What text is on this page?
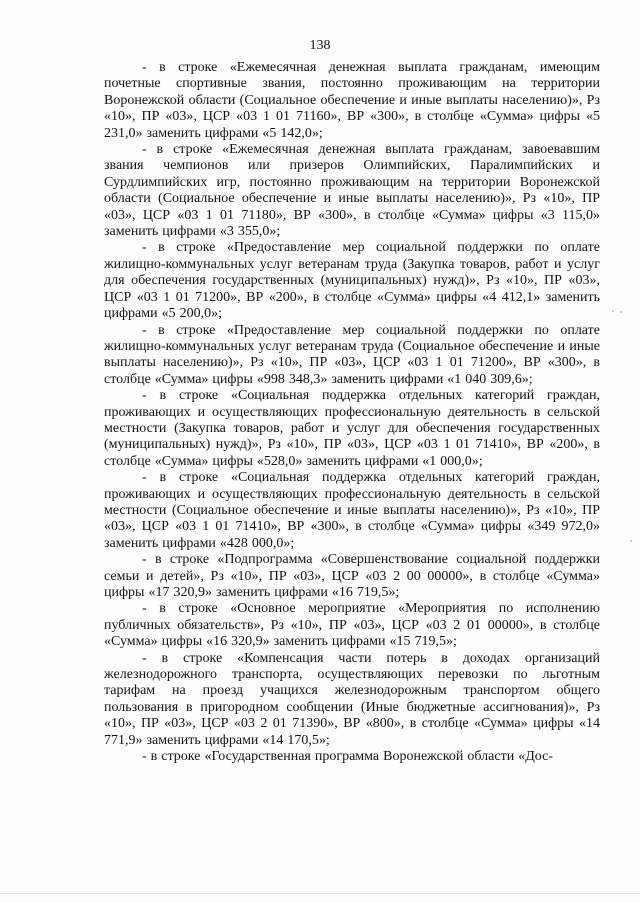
138

- в строке «Ежемесячная денежная выплата гражданам, имеющим почетные спортивные звания, постоянно проживающим на территории Воронежской области (Социальное обеспечение и иные выплаты населению)», Рз «10», ПР «03», ЦСР «03 1 01 71160», ВР «300», в столбце «Сумма» цифры «5 231,0» заменить цифрами «5 142,0»;

- в строке «Ежемесячная денежная выплата гражданам, завоевавшим звания чемпионов или призеров Олимпийских, Паралимпийских и Сурдлимпийских игр, постоянно проживающим на территории Воронежской области (Социальное обеспечение и иные выплаты населению)», Рз «10», ПР «03», ЦСР «03 1 01 71180», ВР «300», в столбце «Сумма» цифры «3 115,0» заменить цифрами «3 355,0»;

- в строке «Предоставление мер социальной поддержки по оплате жилищно-коммунальных услуг ветеранам труда (Закупка товаров, работ и услуг для обеспечения государственных (муниципальных) нужд)», Рз «10», ПР «03», ЦСР «03 1 01 71200», ВР «200», в столбце «Сумма» цифры «4 412,1» заменить цифрами «5 200,0»;

- в строке «Предоставление мер социальной поддержки по оплате жилищно-коммунальных услуг ветеранам труда (Социальное обеспечение и иные выплаты населению)», Рз «10», ПР «03», ЦСР «03 1 01 71200», ВР «300», в столбце «Сумма» цифры «998 348,3» заменить цифрами «1 040 309,6»;

- в строке «Социальная поддержка отдельных категорий граждан, проживающих и осуществляющих профессиональную деятельность в сельской местности (Закупка товаров, работ и услуг для обеспечения государственных (муниципальных) нужд)», Рз «10», ПР «03», ЦСР «03 1 01 71410», ВР «200», в столбце «Сумма» цифры «528,0» заменить цифрами «1 000,0»;

- в строке «Социальная поддержка отдельных категорий граждан, проживающих и осуществляющих профессиональную деятельность в сельской местности (Социальное обеспечение и иные выплаты населению)», Рз «10», ПР «03», ЦСР «03 1 01 71410», ВР «300», в столбце «Сумма» цифры «349 972,0» заменить цифрами «428 000,0»;

- в строке «Подпрограмма «Совершенствование социальной поддержки семьи и детей», Рз «10», ПР «03», ЦСР «03 2 00 00000», в столбце «Сумма» цифры «17 320,9» заменить цифрами «16 719,5»;

- в строке «Основное мероприятие «Мероприятия по исполнению публичных обязательств», Рз «10», ПР «03», ЦСР «03 2 01 00000», в столбце «Сумма» цифры «16 320,9» заменить цифрами «15 719,5»;

- в строке «Компенсация части потерь в доходах организаций железнодорожного транспорта, осуществляющих перевозки по льготным тарифам на проезд учащихся железнодорожным транспортом общего пользования в пригородном сообщении (Иные бюджетные ассигнования)», Рз «10», ПР «03», ЦСР «03 2 01 71390», ВР «800», в столбце «Сумма» цифры «14 771,9» заменить цифрами «14 170,5»;

- в строке «Государственная программа Воронежской области «Дос-
